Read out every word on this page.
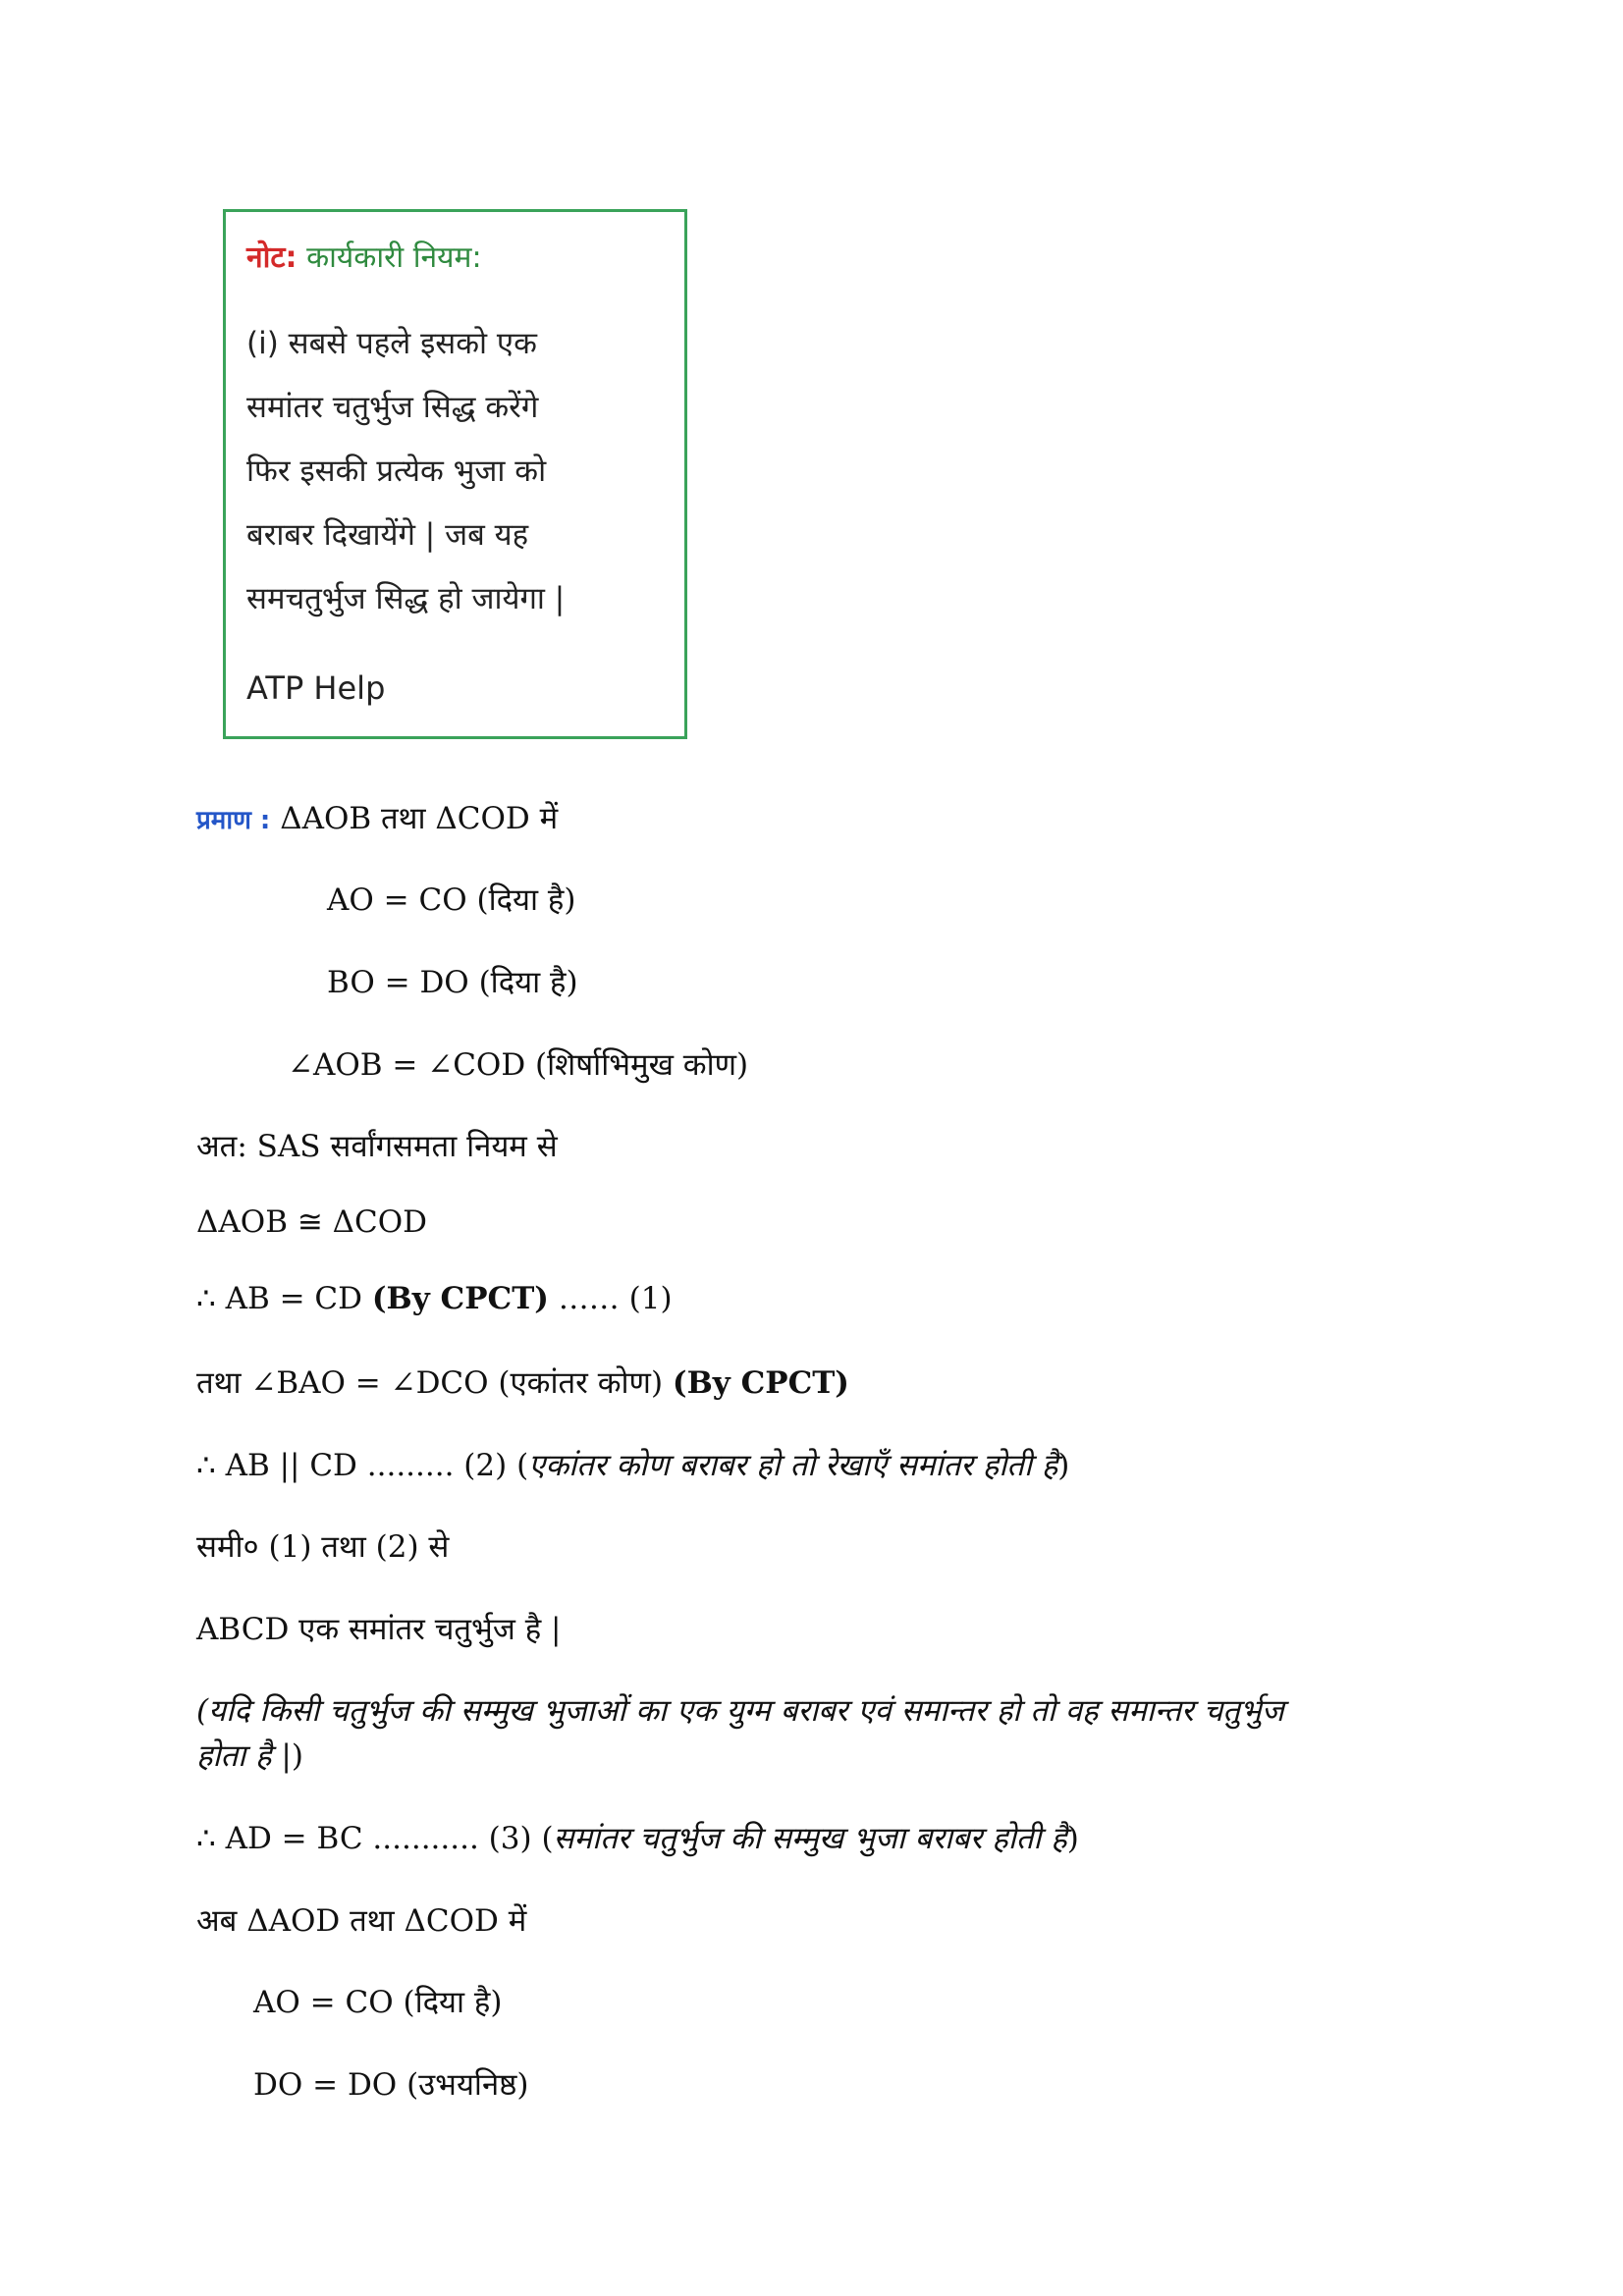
नोट: कार्यकारी नियम:
(i) सबसे पहले इसको एक
समांतर चतुर्भुज सिद्ध करेंगे
फिर इसकी प्रत्येक भुजा को
बराबर दिखायेंगे | जब यह
समचतुर्भुज सिद्ध हो जायेगा |
ATP Help
प्रमाण : ΔAOB तथा ΔCOD में
AO = CO (दिया है)
BO = DO (दिया है)
∠AOB = ∠COD (शिर्षाभिमुख कोण)
अत: SAS सर्वांगसमता नियम से
ΔAOB ≅ ΔCOD
∴ AB = CD (By CPCT) …… (1)
तथा ∠BAO = ∠DCO (एकांतर कोण) (By CPCT)
∴ AB || CD ......... (2) (एकांतर कोण बराबर हो तो रेखाएँ समांतर होती है)
समी० (1) तथा (2) से
ABCD एक समांतर चतुर्भुज है |
(यदि किसी चतुर्भुज की सम्मुख भुजाओं का एक युग्म बराबर एवं समान्तर हो तो वह समान्तर चतुर्भुज
होता है |)
∴ AD = BC ........... (3) (समांतर चतुर्भुज की सम्मुख भुजा बराबर होती है)
अब ΔAOD तथा ΔCOD में
AO = CO (दिया है)
DO = DO (उभयनिष्ठ)
